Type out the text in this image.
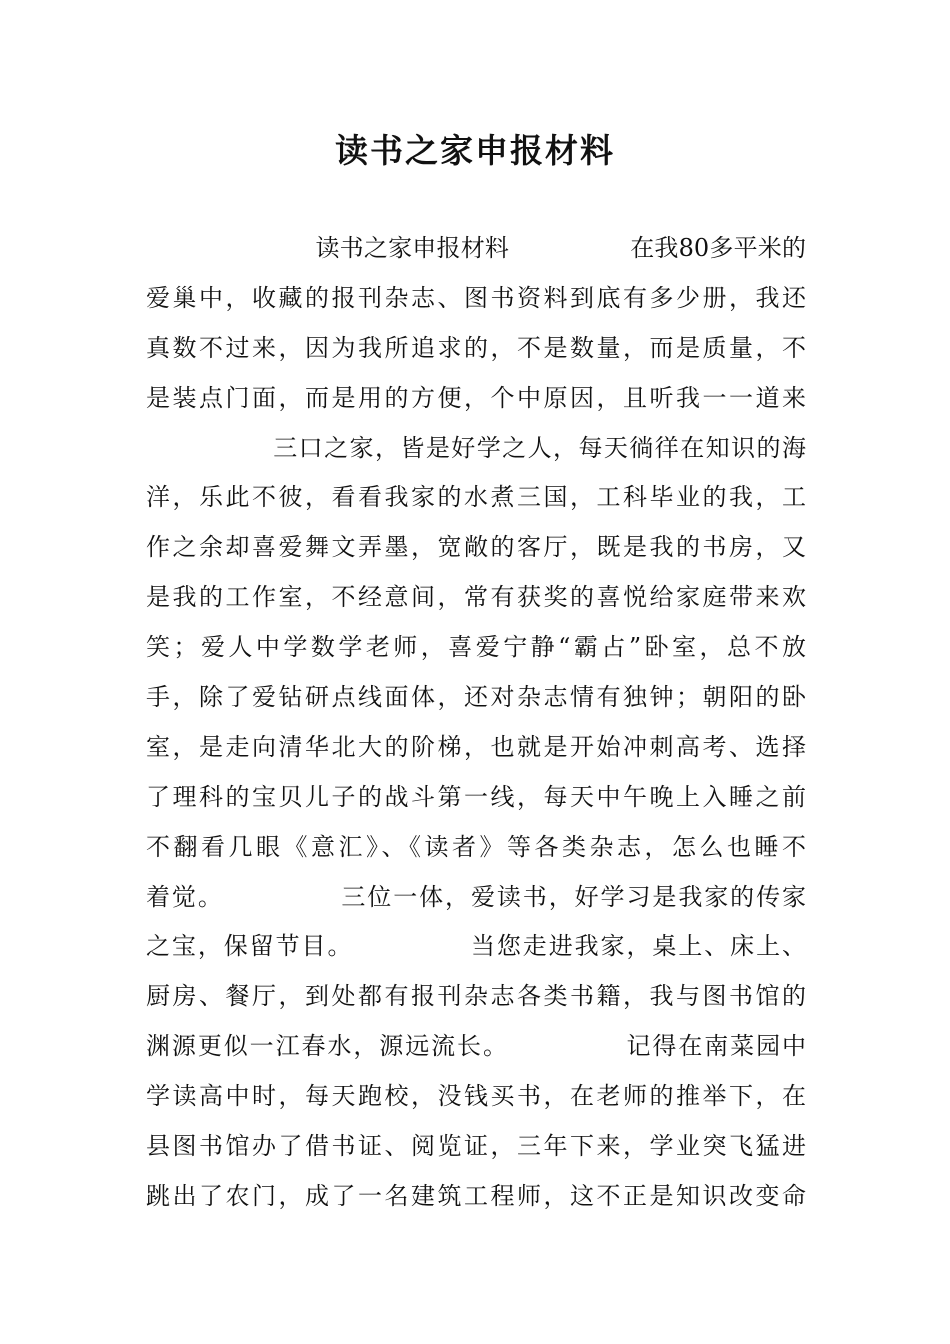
读书之家申报材料
　　　　　　　读书之家申报材料　　　　　在我80多平米的
爱巢中，收藏的报刊杂志、图书资料到底有多少册，我还
真数不过来，因为我所追求的，不是数量，而是质量，不
是装点门面，而是用的方便，个中原因，且听我一一道来
　　　　　三口之家，皆是好学之人，每天徜徉在知识的海
洋，乐此不彼，看看我家的水煮三国，工科毕业的我，工
作之余却喜爱舞文弄墨，宽敞的客厅，既是我的书房，又
是我的工作室，不经意间，常有获奖的喜悦给家庭带来欢
笑；爱人中学数学老师，喜爱宁静“霸占”卧室，总不放
手，除了爱钻研点线面体，还对杂志情有独钟；朝阳的卧
室，是走向清华北大的阶梯，也就是开始冲刺高考、选择
了理科的宝贝儿子的战斗第一线，每天中午晚上入睡之前
不翻看几眼《意汇》、《读者》等各类杂志，怎么也睡不
着觉。　　　　　三位一体，爱读书，好学习是我家的传家
之宝，保留节目。　　　　　当您走进我家，桌上、床上、
厨房、餐厅，到处都有报刊杂志各类书籍，我与图书馆的
渊源更似一江春水，源远流长。　　　　　记得在南菜园中
学读高中时，每天跑校，没钱买书，在老师的推举下，在
县图书馆办了借书证、阅览证，三年下来，学业突飞猛进
跳出了农门，成了一名建筑工程师，这不正是知识改变命
